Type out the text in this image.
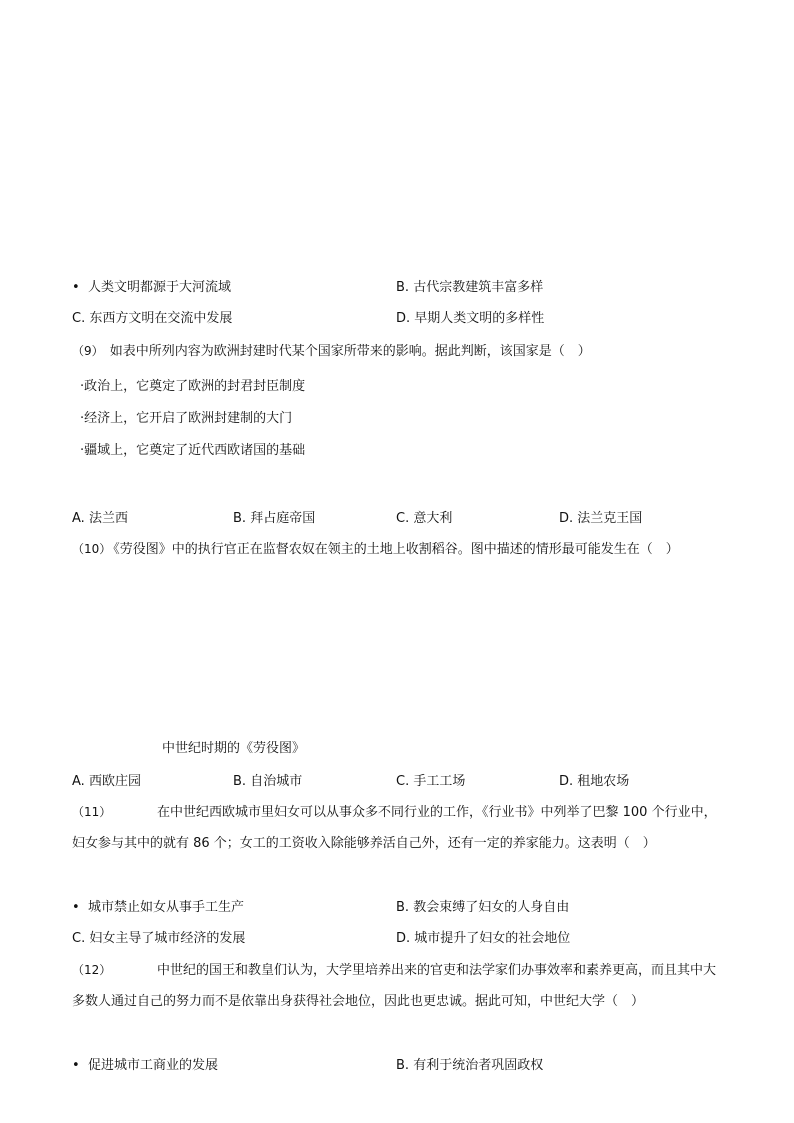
• 人类文明都源于大河流域	B. 古代宗教建筑丰富多样
C. 东西方文明在交流中发展	D. 早期人类文明的多样性
（9） 如表中所列内容为欧洲封建时代某个国家所带来的影响。据此判断，该国家是（　）
·政治上，它奠定了欧洲的封君封臣制度
·经济上，它开启了欧洲封建制的大门
·疆域上，它奠定了近代西欧诸国的基础
A. 法兰西	B. 拜占庭帝国	C. 意大利	D. 法兰克王国
（10） 《劳役图》中的执行官正在监督农奴在领主的土地上收割稻谷。图中描述的情形最可能发生在（　）
中世纪时期的《劳役图》
A. 西欧庄园	B. 自治城市	C. 手工工场	D. 租地农场
（11）	在中世纪西欧城市里妇女可以从事众多不同行业的工作，《行业书》中列举了巴黎 100 个行业中，妇女参与其中的就有 86 个；女工的工资收入除能够养活自己外，还有一定的养家能力。这表明（　）
• 城市禁止如女从事手工生产	B. 教会束缚了妇女的人身自由
C. 妇女主导了城市经济的发展	D. 城市提升了妇女的社会地位
（12）	中世纪的国王和教皇们认为，大学里培养出来的官吏和法学家们办事效率和素养更高，而且其中大多数人通过自己的努力而不是依靠出身获得社会地位，因此也更忠诚。据此可知，中世纪大学（　）
• 促进城市工商业的发展	B. 有利于统治者巩固政权
